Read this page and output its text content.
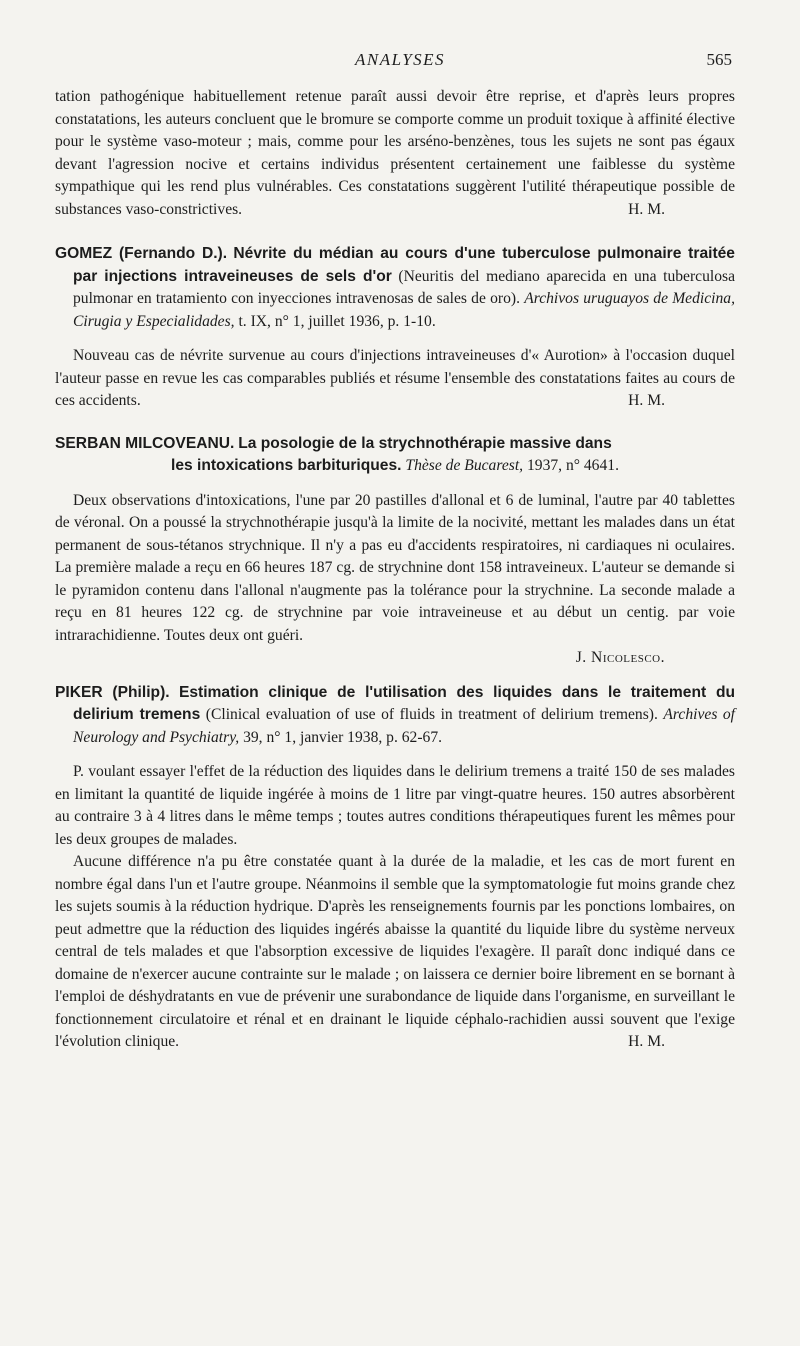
ANALYSES	565

tation pathogénique habituellement retenue paraît aussi devoir être reprise, et d'après leurs propres constatations, les auteurs concluent que le bromure se comporte comme un produit toxique à affinité élective pour le système vaso-moteur ; mais, comme pour les arséno-benzènes, tous les sujets ne sont pas égaux devant l'agression nocive et certains individus présentent certainement une faiblesse du système sympathique qui les rend plus vulnérables. Ces constatations suggèrent l'utilité thérapeutique possible de substances vaso-constrictives.	H. M.

GOMEZ (Fernando D.). Névrite du médian au cours d'une tuberculose pulmonaire traitée par injections intraveineuses de sels d'or (Neuritis del mediano aparecida en una tuberculosa pulmonar en tratamiento con inyecciones intravenosas de sales de oro). Archivos uruguayos de Medicina, Cirugia y Especialidades, t. IX, n° 1, juillet 1936, p. 1-10.

Nouveau cas de névrite survenue au cours d'injections intraveineuses d'« Aurotion» à l'occasion duquel l'auteur passe en revue les cas comparables publiés et résume l'ensemble des constatations faites au cours de ces accidents.	H. M.

SERBAN MILCOVEANU. La posologie de la strychnothérapie massive dans

les intoxications barbituriques. Thèse de Bucarest, 1937, n° 4641.

Deux observations d'intoxications, l'une par 20 pastilles d'allonal et 6 de luminal, l'autre par 40 tablettes de véronal. On a poussé la strychnothérapie jusqu'à la limite de la nocivité, mettant les malades dans un état permanent de sous-tétanos strychnique. Il n'y a pas eu d'accidents respiratoires, ni cardiaques ni oculaires. La première malade a reçu en 66 heures 187 cg. de strychnine dont 158 intraveineux. L'auteur se demande si le pyramidon contenu dans l'allonal n'augmente pas la tolérance pour la strychnine. La seconde malade a reçu en 81 heures 122 cg. de strychnine par voie intraveineuse et au début un centig. par voie intrarachidienne. Toutes deux ont guéri.

J. Nicolesco.

PIKER (Philip). Estimation clinique de l'utilisation des liquides dans le traitement du delirium tremens (Clinical evaluation of use of fluids in treatment of delirium tremens). Archives of Neurology and Psychiatry, 39, n° 1, janvier 1938, p. 62-67.

P. voulant essayer l'effet de la réduction des liquides dans le delirium tremens a traité 150 de ses malades en limitant la quantité de liquide ingérée à moins de 1 litre par vingt-quatre heures. 150 autres absorbèrent au contraire 3 à 4 litres dans le même temps ; toutes autres conditions thérapeutiques furent les mêmes pour les deux groupes de malades.

Aucune différence n'a pu être constatée quant à la durée de la maladie, et les cas de mort furent en nombre égal dans l'un et l'autre groupe. Néanmoins il semble que la symptomatologie fut moins grande chez les sujets soumis à la réduction hydrique. D'après les renseignements fournis par les ponctions lombaires, on peut admettre que la réduction des liquides ingérés abaisse la quantité du liquide libre du système nerveux central de tels malades et que l'absorption excessive de liquides l'exagère. Il paraît donc indiqué dans ce domaine de n'exercer aucune contrainte sur le malade ; on laissera ce dernier boire librement en se bornant à l'emploi de déshydratants en vue de prévenir une surabondance de liquide dans l'organisme, en surveillant le fonctionnement circulatoire et rénal et en drainant le liquide céphalo-rachidien aussi souvent que l'exige l'évolution clinique.	H. M.
